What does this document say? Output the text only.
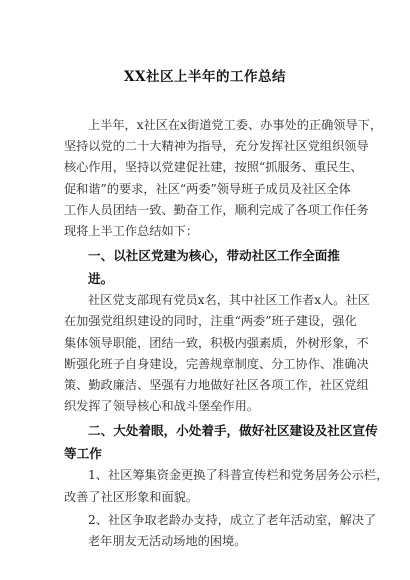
XX社区上半年的工作总结

上半年，x社区在x街道党工委、办事处的正确领导下，
坚持以党的二十大精神为指导，充分发挥社区党组织领导
核心作用，坚持以党建促社建，按照“抓服务、重民生、
促和谐”的要求，社区“两委”领导班子成员及社区全体
工作人员团结一致、勤奋工作，顺利完成了各项工作任务
现将上半工作总结如下：

一、以社区党建为核心，带动社区工作全面推进。

社区党支部现有党员x名，其中社区工作者x人。社区
在加强党组织建设的同时，注重“两委”班子建设，强化
集体领导职能，团结一致，积极内强素质，外树形象，不
断强化班子自身建设，完善规章制度、分工协作、准确决
策、勤政廉洁、坚强有力地做好社区各项工作，社区党组
织发挥了领导核心和战斗堡垒作用。

二、大处着眼，小处着手，做好社区建设及社区宣传
等工作

1、社区筹集资金更换了科普宣传栏和党务居务公示栏，
改善了社区形象和面貌。

2、社区争取老龄办支持，成立了老年活动室，解决了
老年朋友无活动场地的困境。
